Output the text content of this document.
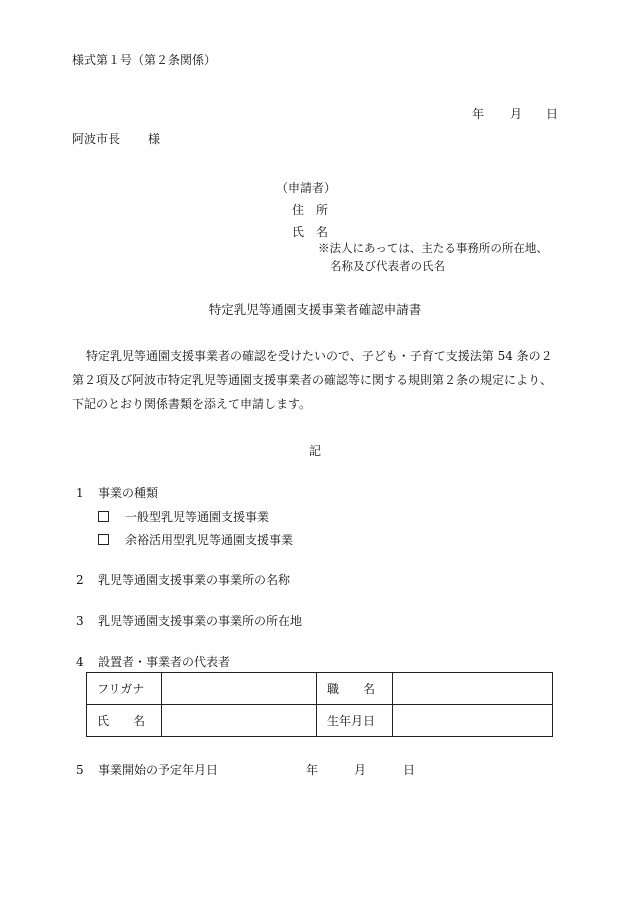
様式第１号（第２条関係）
年 月 日
阿波市長 様
（申請者）
住　所
氏　名
※法人にあっては、主たる事務所の所在地、
名称及び代表者の氏名
特定乳児等通園支援事業者確認申請書
特定乳児等通園支援事業者の確認を受けたいので、子ども・子育て支援法第 54 条の２
第２項及び阿波市特定乳児等通園支援事業者の確認等に関する規則第２条の規定により、
下記のとおり関係書類を添えて申請します。
記
1 事業の種類
一般型乳児等通園支援事業
余裕活用型乳児等通園支援事業
2 乳児等通園支援事業の事業所の名称
3 乳児等通園支援事業の事業所の所在地
4 設置者・事業者の代表者
フリガナ		職　　名	
氏　　名		生年月日	
5 事業開始の予定年月日	年	月	日
